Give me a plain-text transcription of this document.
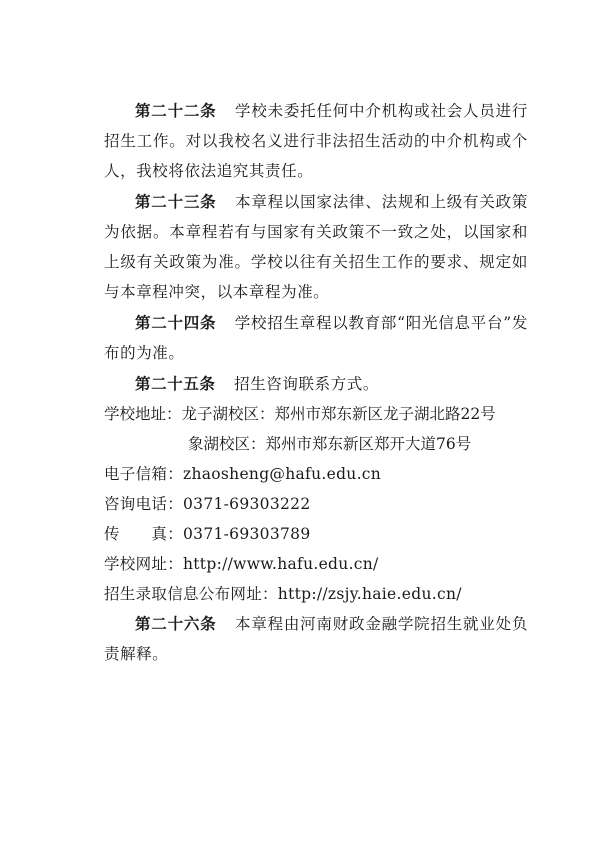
第二十二条 学校未委托任何中介机构或社会人员进行招生工作。对以我校名义进行非法招生活动的中介机构或个人，我校将依法追究其责任。

第二十三条 本章程以国家法律、法规和上级有关政策为依据。本章程若有与国家有关政策不一致之处，以国家和上级有关政策为准。学校以往有关招生工作的要求、规定如与本章程冲突，以本章程为准。

第二十四条 学校招生章程以教育部“阳光信息平台”发布的为准。

第二十五条 招生咨询联系方式。

学校地址：龙子湖校区：郑州市郑东新区龙子湖北路22号
象湖校区：郑州市郑东新区郑开大道76号
电子信箱：zhaosheng@hafu.edu.cn
咨询电话：0371-69303222
传　　真：0371-69303789
学校网址：http://www.hafu.edu.cn/
招生录取信息公布网址：http://zsjy.haie.edu.cn/

第二十六条 本章程由河南财政金融学院招生就业处负责解释。
